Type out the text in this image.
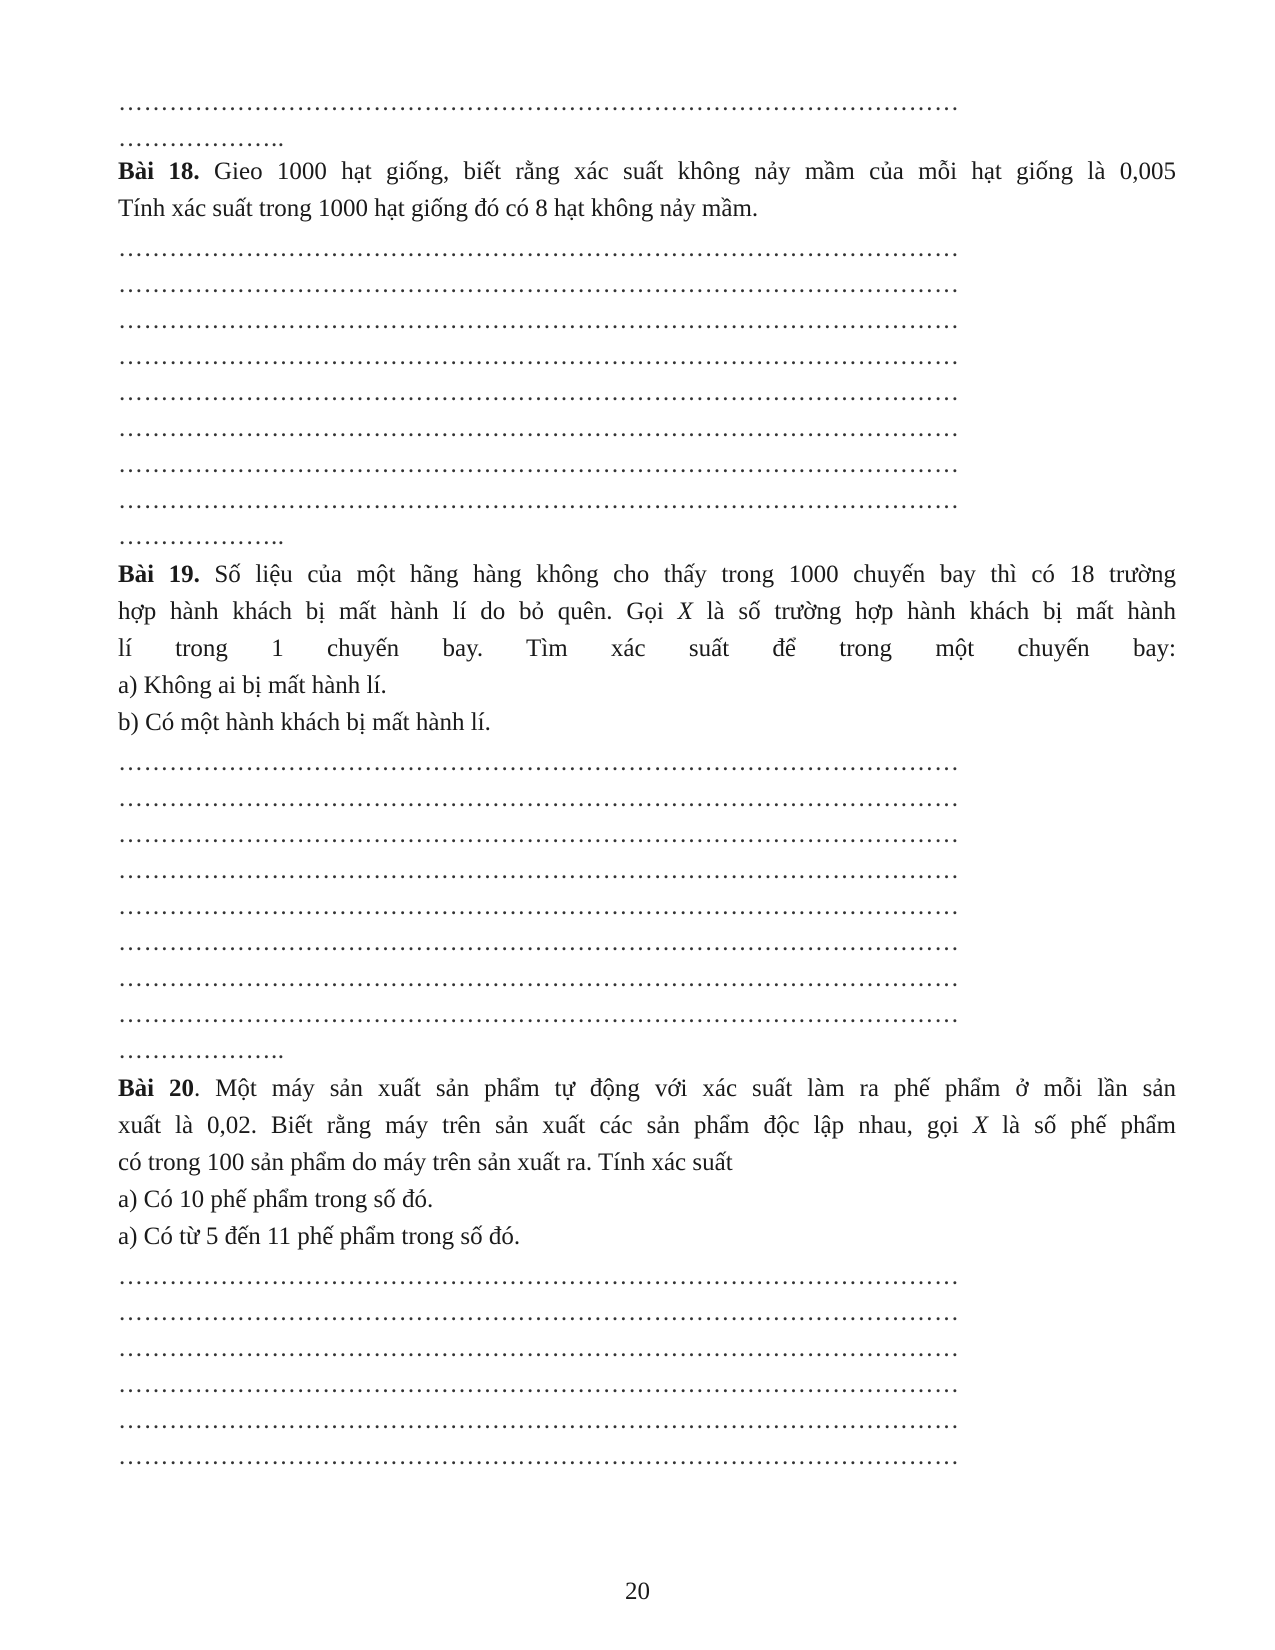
………………………………………………………………………………………
………………..

Bài 18. Gieo 1000 hạt giống, biết rằng xác suất không nảy mầm của mỗi hạt giống là 0,005

Tính xác suất trong 1000 hạt giống đó có 8 hạt không nảy mầm.

………………………………………………………………………………………
………………………………………………………………………………………
………………………………………………………………………………………
………………………………………………………………………………………
………………………………………………………………………………………
………………………………………………………………………………………
………………………………………………………………………………………
………………………………………………………………………………………
………………..

Bài 19. Số liệu của một hãng hàng không cho thấy trong 1000 chuyến bay thì có 18 trường

hợp hành khách bị mất hành lí do bỏ quên. Gọi X là số trường hợp hành khách bị mất hành

lí trong 1 chuyến bay. Tìm xác suất để trong một chuyến bay:

a) Không ai bị mất hành lí.

b) Có một hành khách bị mất hành lí.

………………………………………………………………………………………
………………………………………………………………………………………
………………………………………………………………………………………
………………………………………………………………………………………
………………………………………………………………………………………
………………………………………………………………………………………
………………………………………………………………………………………
………………………………………………………………………………………
………………..

Bài 20. Một máy sản xuất sản phẩm tự động với xác suất làm ra phế phẩm ở mỗi lần sản

xuất là 0,02. Biết rằng máy trên sản xuất các sản phẩm độc lập nhau, gọi X là số phế phẩm

có trong 100 sản phẩm do máy trên sản xuất ra. Tính xác suất

a) Có 10 phế phẩm trong số đó.

a) Có từ 5 đến 11 phế phẩm trong số đó.

………………………………………………………………………………………
………………………………………………………………………………………
………………………………………………………………………………………
………………………………………………………………………………………
………………………………………………………………………………………
………………………………………………………………………………………
20
